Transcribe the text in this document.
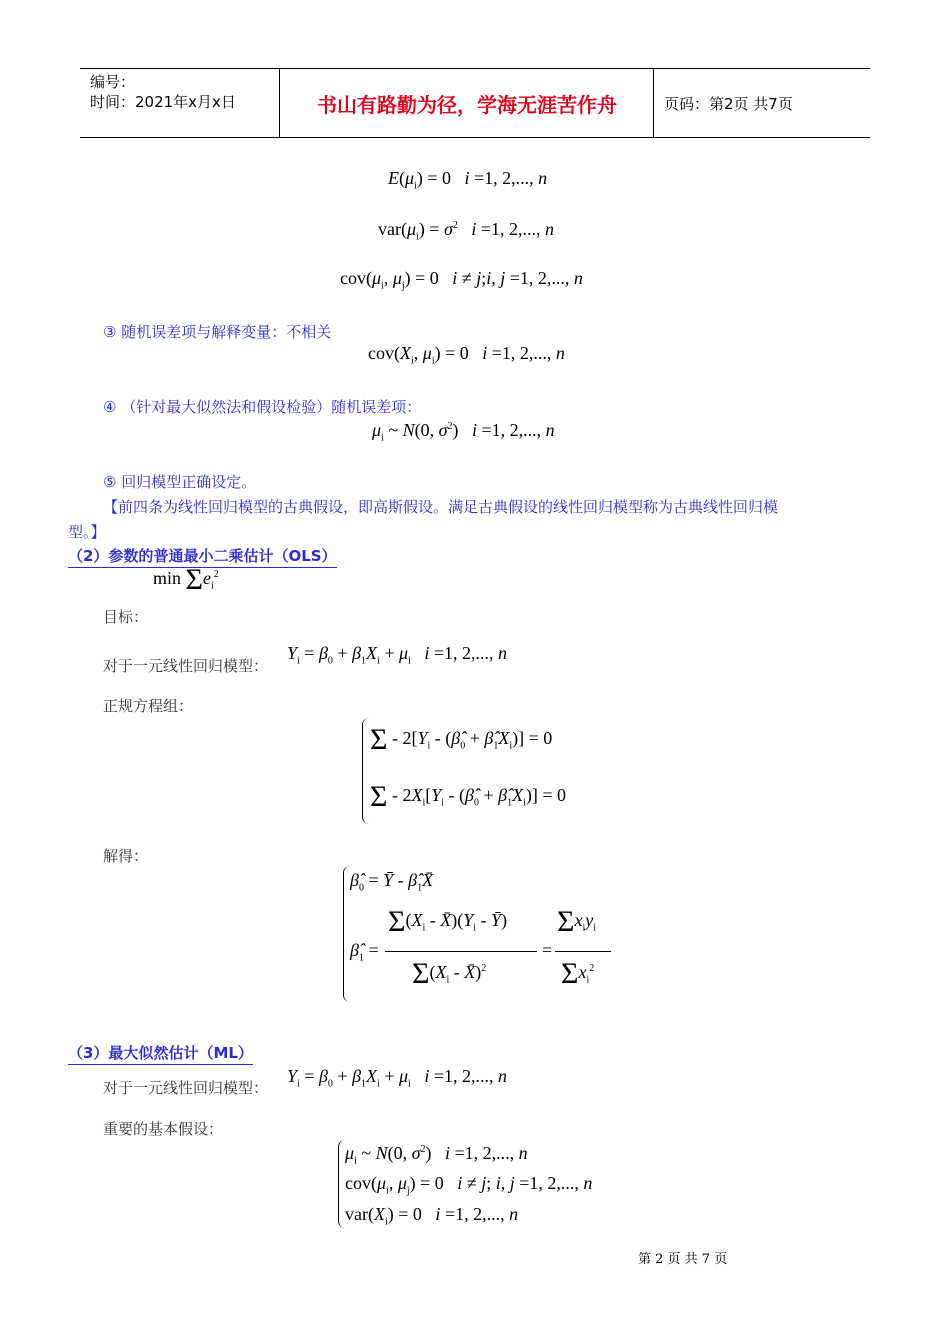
编号：
时间：2021年x月x日	书山有路勤为径，学海无涯苦作舟	页码：第2页 共7页
$E(\mu_i) = 0$   i =1, 2,..., n
$var(\mu_i) = \sigma^2$ i =1, 2,..., n
$cov(\mu_i$, $\mu_j) = 0$   i ≠ j;i, j =1, 2,..., n
③ 随机误差项与解释变量：不相关
$cov(X_i$, $\mu_i) = 0$   i =1, 2,..., n
④ （针对最大似然法和假设检验）随机误差项：
$\mu_i$ ~ N(0, $\sigma^2$)   i =1, 2,..., n
⑤ 回归模型正确设定。
【前四条为线性回归模型的古典假设，即高斯假设。满足古典假设的线性回归模型称为古典线性回归模
型。】
（2）参数的普通最小二乘估计（OLS）
$\min \Sigma e_i^2$
目标：
对于一元线性回归模型：
$Y_i = \beta_0 + \beta_1X_i + \mu_i$ i =1, 2,..., n
正规方程组：
Σ - $2[Y_i$ - ($\betâ_0$ + $\betâ_1X_i)] = 0$
Σ - $2X_i[Y_i$ - ($\betâ_0$ + $\betâ_1X_i)] = 0$
解得：
$\betâ_0$ = Ȳ - $\betâ_1X̄$
$\betâ_1$ =
$\Sigma(X_i$ - $X̄)(Y_i$ - Ȳ)
$\Sigma(X_i$ - X̄)$^2$
=
$\Sigma x_iy_i$
$\Sigma x_i^2$
（3）最大似然估计（ML）
对于一元线性回归模型：
$Y_i = \beta_0 + \beta_1X_i + \mu_i$ i =1, 2,..., n
重要的基本假设：
$\mu_i$ ~ N(0, $\sigma^2$)   i =1, 2,..., n
$cov(\mu_i$, $\mu_j) = 0$   i ≠ j; i, j =1, 2,..., n
$var(X_i) = 0$   i =1, 2,..., n
第 2 页 共 7 页
